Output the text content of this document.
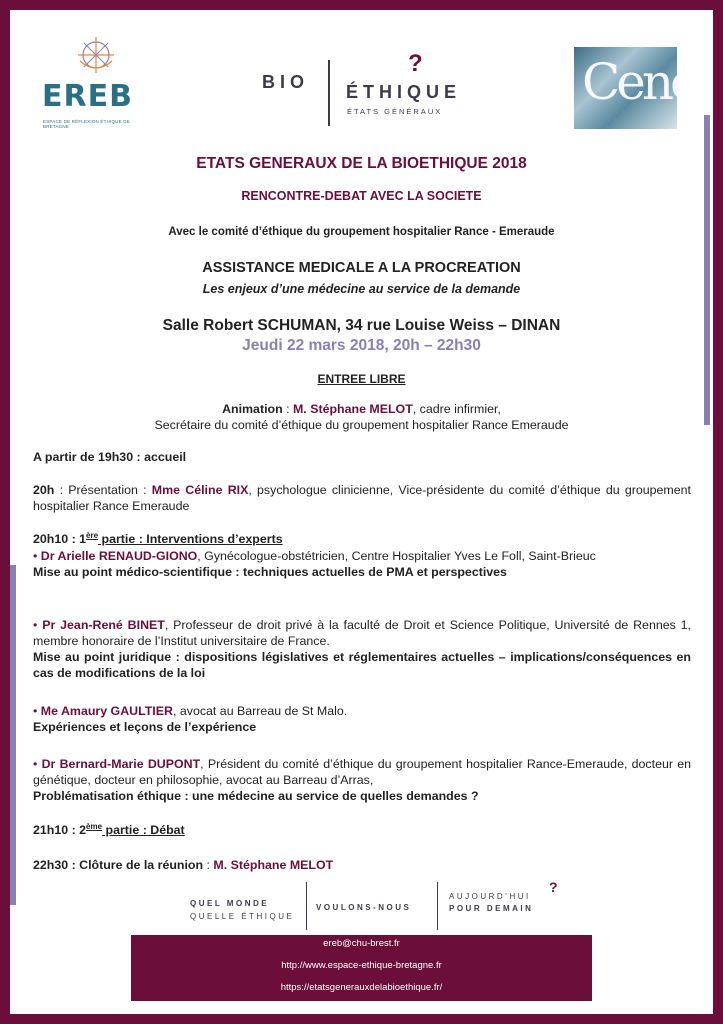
EREB
ESPACE DE RÉFLEXION ÉTHIQUE DE BRETAGNE
BIO
?
ÉTHIQUE
ÉTATS GÉNÉRAUX
Cene
ETATS GENERAUX DE LA BIOETHIQUE 2018
RENCONTRE-DEBAT AVEC LA SOCIETE
Avec le comité d’éthique du groupement hospitalier Rance - Emeraude
ASSISTANCE MEDICALE A LA PROCREATION
Les enjeux d’une médecine au service de la demande
Salle Robert SCHUMAN, 34 rue Louise Weiss – DINAN
Jeudi 22 mars 2018, 20h – 22h30
ENTREE LIBRE
Animation : M. Stéphane MELOT, cadre infirmier,
Secrétaire du comité d’éthique du groupement hospitalier Rance Emeraude
A partir de 19h30 : accueil
20h : Présentation : Mme Céline RIX, psychologue clinicienne, Vice-présidente du comité d’éthique du groupement hospitalier Rance Emeraude
20h10 : 1ère partie : Interventions d’experts
• Dr Arielle RENAUD-GIONO, Gynécologue-obstétricien, Centre Hospitalier Yves Le Foll, Saint-Brieuc
Mise au point médico-scientifique : techniques actuelles de PMA et perspectives
• Pr Jean-René BINET, Professeur de droit privé à la faculté de Droit et Science Politique, Université de Rennes 1, membre honoraire de l’Institut universitaire de France.
Mise au point juridique : dispositions législatives et réglementaires actuelles – implications/conséquences en cas de modifications de la loi
• Me Amaury GAULTIER, avocat au Barreau de St Malo.
Expériences et leçons de l’expérience
• Dr Bernard-Marie DUPONT, Président du comité d’éthique du groupement hospitalier Rance-Emeraude, docteur en génétique, docteur en philosophie, avocat au Barreau d’Arras,
Problématisation éthique : une médecine au service de quelles demandes ?
21h10 : 2ème partie : Débat
22h30 : Clôture de la réunion : M. Stéphane MELOT
QUEL MONDE
QUELLE ÉTHIQUE
VOULONS-NOUS
AUJOURD’HUI
?
POUR DEMAIN
ereb@chu-brest.fr
http://www.espace-ethique-bretagne.fr
https://etatsgenerauxdelabioethique.fr/
